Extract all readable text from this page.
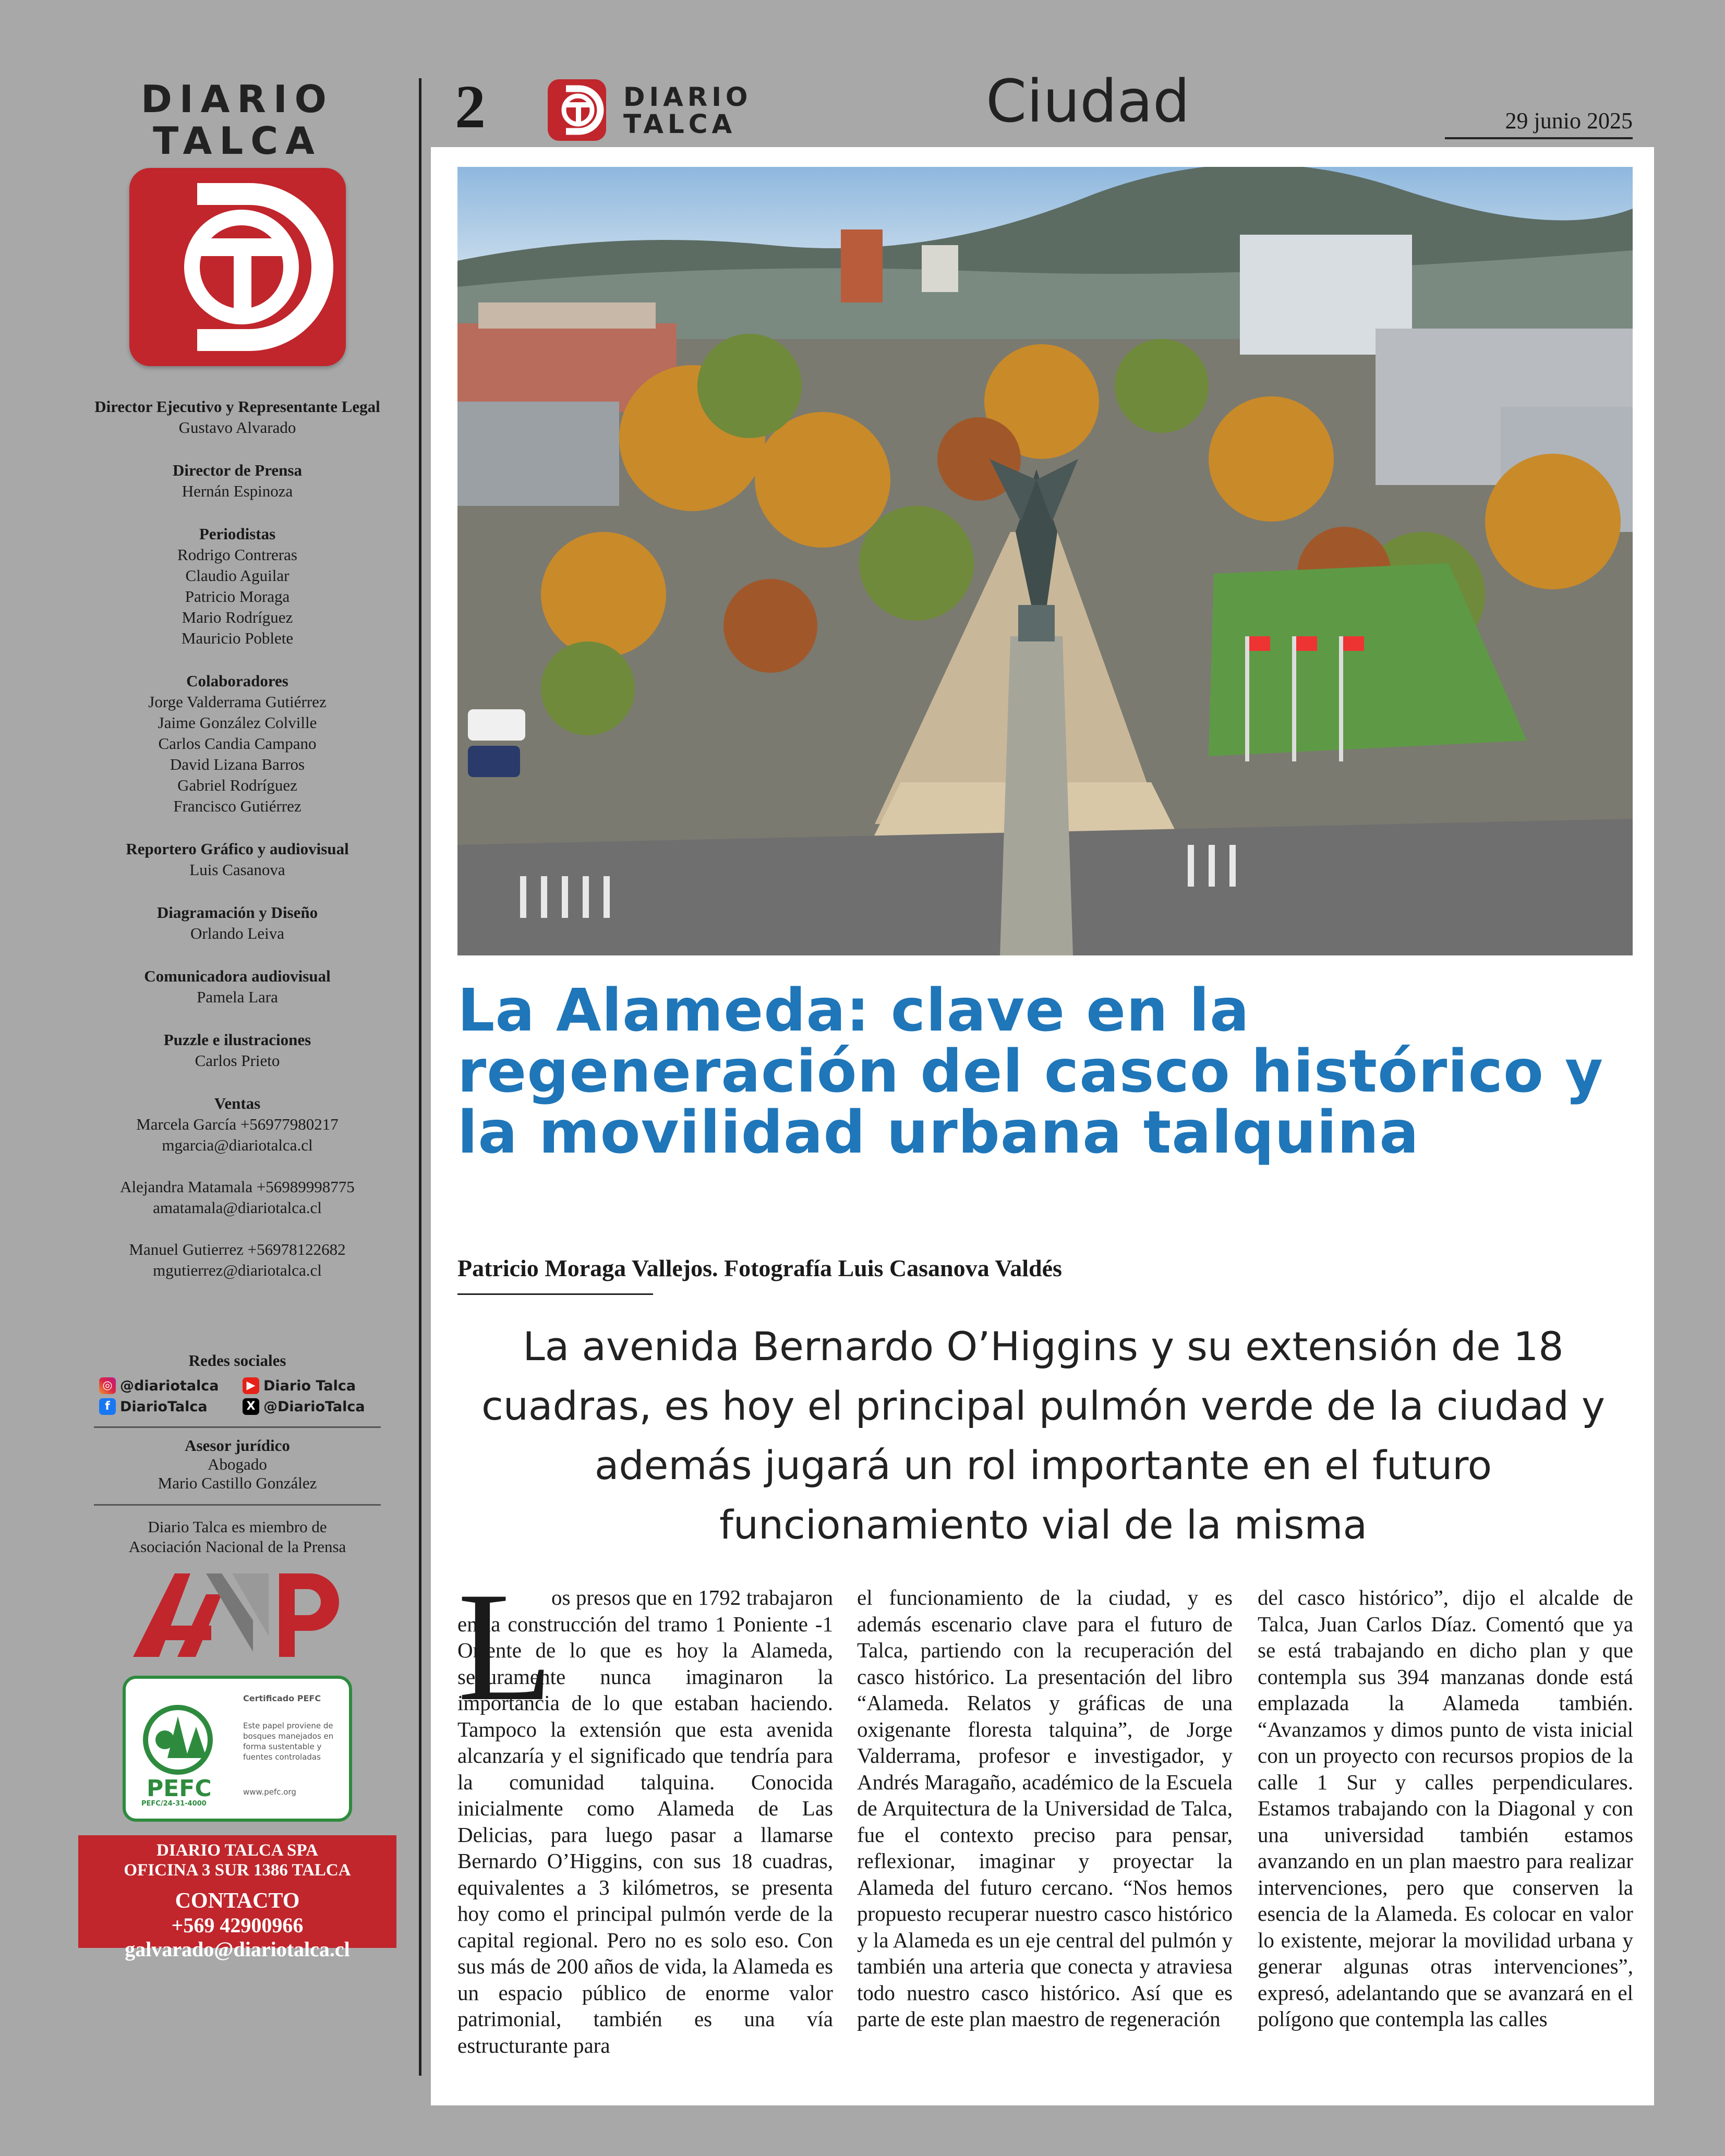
DIARIO
TALCA
Director Ejecutivo y Representante Legal
Gustavo Alvarado
Director de Prensa
Hernán Espinoza
Periodistas
Rodrigo Contreras
Claudio Aguilar
Patricio Moraga
Mario Rodríguez
Mauricio Poblete
Colaboradores
Jorge Valderrama Gutiérrez
Jaime González Colville
Carlos Candia Campano
David Lizana Barros
Gabriel Rodríguez
Francisco Gutiérrez
Reportero Gráfico y audiovisual
Luis Casanova
Diagramación y Diseño
Orlando Leiva
Comunicadora audiovisual
Pamela Lara
Puzzle e ilustraciones
Carlos Prieto
Ventas
Marcela García +56977980217
mgarcia@diariotalca.cl
Alejandra Matamala +56989998775
amatamala@diariotalca.cl
Manuel Gutierrez +56978122682
mgutierrez@diariotalca.cl
Redes sociales
◎ @diariotalca	▶ Diario Talca
f DiarioTalca	X @DiarioTalca
Asesor jurídico
Abogado
Mario Castillo González
Diario Talca es miembro de
Asociación Nacional de la Prensa
PEFC
PEFC/24-31-4000
Certificado PEFC
Este papel proviene de
bosques manejados en
forma sustentable y
fuentes controladas
www.pefc.org
DIARIO TALCA SPA
OFICINA 3 SUR 1386 TALCA
CONTACTO
+569 42900966
galvarado@diariotalca.cl
2	DIARIO
TALCA	Ciudad	29 junio 2025
La Alameda: clave en la regeneración del casco histórico y la movilidad urbana talquina
Patricio Moraga Vallejos. Fotografía Luis Casanova Valdés
La avenida Bernardo O’Higgins y su extensión de 18 cuadras, es hoy el principal pulmón verde de la ciudad y además jugará un rol importante en el futuro funcionamiento vial de la misma
L

os presos que en 1792 trabajaron en la construcción del tramo 1 Poniente -1 Oriente de lo que es hoy la Alameda, seguramente nunca imaginaron la importancia de lo que estaban haciendo. Tampoco la extensión que esta avenida alcanzaría y el significado que tendría para la comunidad talquina. Conocida inicialmente como Alameda de Las Delicias, para luego pasar a llamarse Bernardo O’Higgins, con sus 18 cuadras, equivalentes a 3 kilómetros, se presenta hoy como el principal pulmón verde de la capital regional. Pero no es solo eso. Con sus más de 200 años de vida, la Alameda es un espacio público de enorme valor patrimonial, también es una vía estructurante para

el funcionamiento de la ciudad, y es además escenario clave para el futuro de Talca, partiendo con la recuperación del casco histórico. La presentación del libro “Alameda. Relatos y gráficas de una oxigenante floresta talquina”, de Jorge Valderrama, profesor e investigador, y Andrés Maragaño, académico de la Escuela de Arquitectura de la Universidad de Talca, fue el contexto preciso para pensar, reflexionar, imaginar y proyectar la Alameda del futuro cercano. “Nos hemos propuesto recuperar nuestro casco histórico y la Alameda es un eje central del pulmón y también una arteria que conecta y atraviesa todo nuestro casco histórico. Así que es parte de este plan maestro de regeneración

del casco histórico”, dijo el alcalde de Talca, Juan Carlos Díaz. Comentó que ya se está trabajando en dicho plan y que contempla sus 394 manzanas donde está emplazada la Alameda también. “Avanzamos y dimos punto de vista inicial con un proyecto con recursos propios de la calle 1 Sur y calles perpendiculares. Estamos trabajando con la Diagonal y con una universidad también estamos avanzando en un plan maestro para realizar intervenciones, pero que conserven la esencia de la Alameda. Es colocar en valor lo existente, mejorar la movilidad urbana y generar algunas otras intervenciones”, expresó, adelantando que se avanzará en el polígono que contempla las calles
